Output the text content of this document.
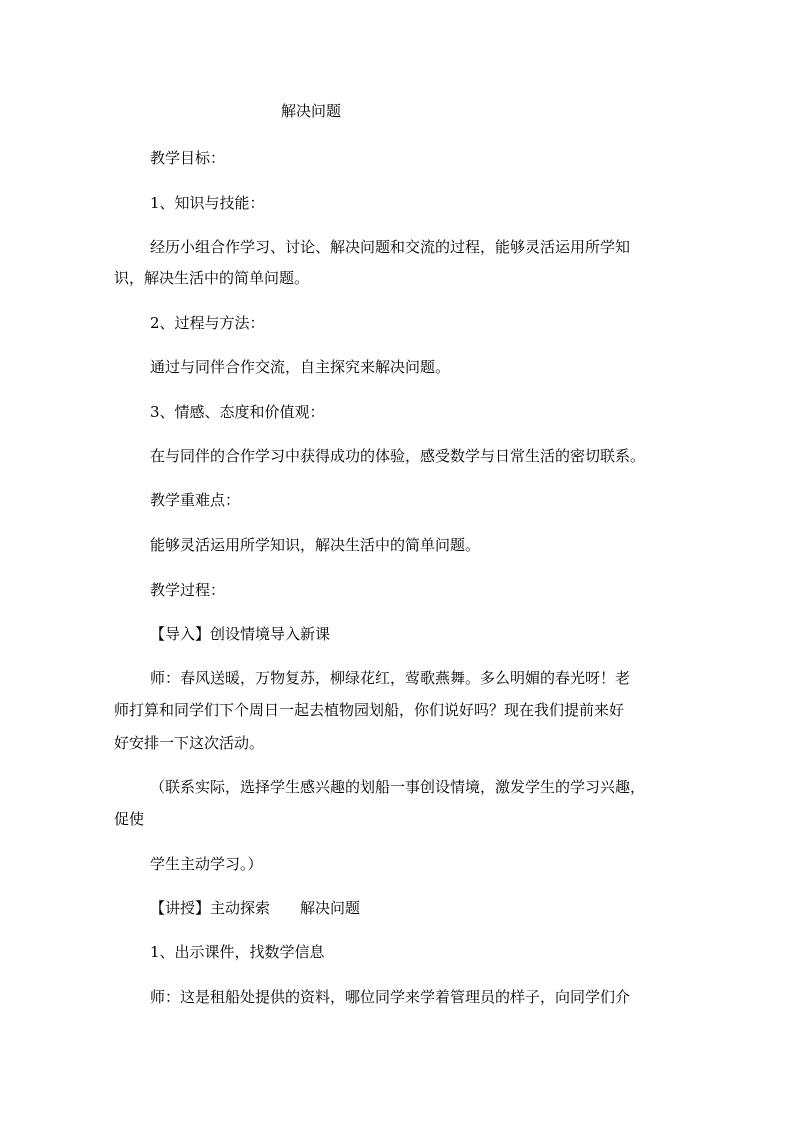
解决问题

教学目标：

1、知识与技能：

经历小组合作学习、讨论、解决问题和交流的过程，能够灵活运用所学知

识，解决生活中的简单问题。

2、过程与方法：

通过与同伴合作交流，自主探究来解决问题。

3、情感、态度和价值观：

在与同伴的合作学习中获得成功的体验，感受数学与日常生活的密切联系。

教学重难点：

能够灵活运用所学知识，解决生活中的简单问题。

教学过程：

【导入】创设情境导入新课

师：春风送暖，万物复苏，柳绿花红，莺歌燕舞。多么明媚的春光呀！老

师打算和同学们下个周日一起去植物园划船，你们说好吗？现在我们提前来好

好安排一下这次活动。

（联系实际，选择学生感兴趣的划船一事创设情境，激发学生的学习兴趣，

促使

学生主动学习。）

【讲授】主动探索　　解决问题

1、出示课件，找数学信息

师：这是租船处提供的资料，哪位同学来学着管理员的样子，向同学们介
